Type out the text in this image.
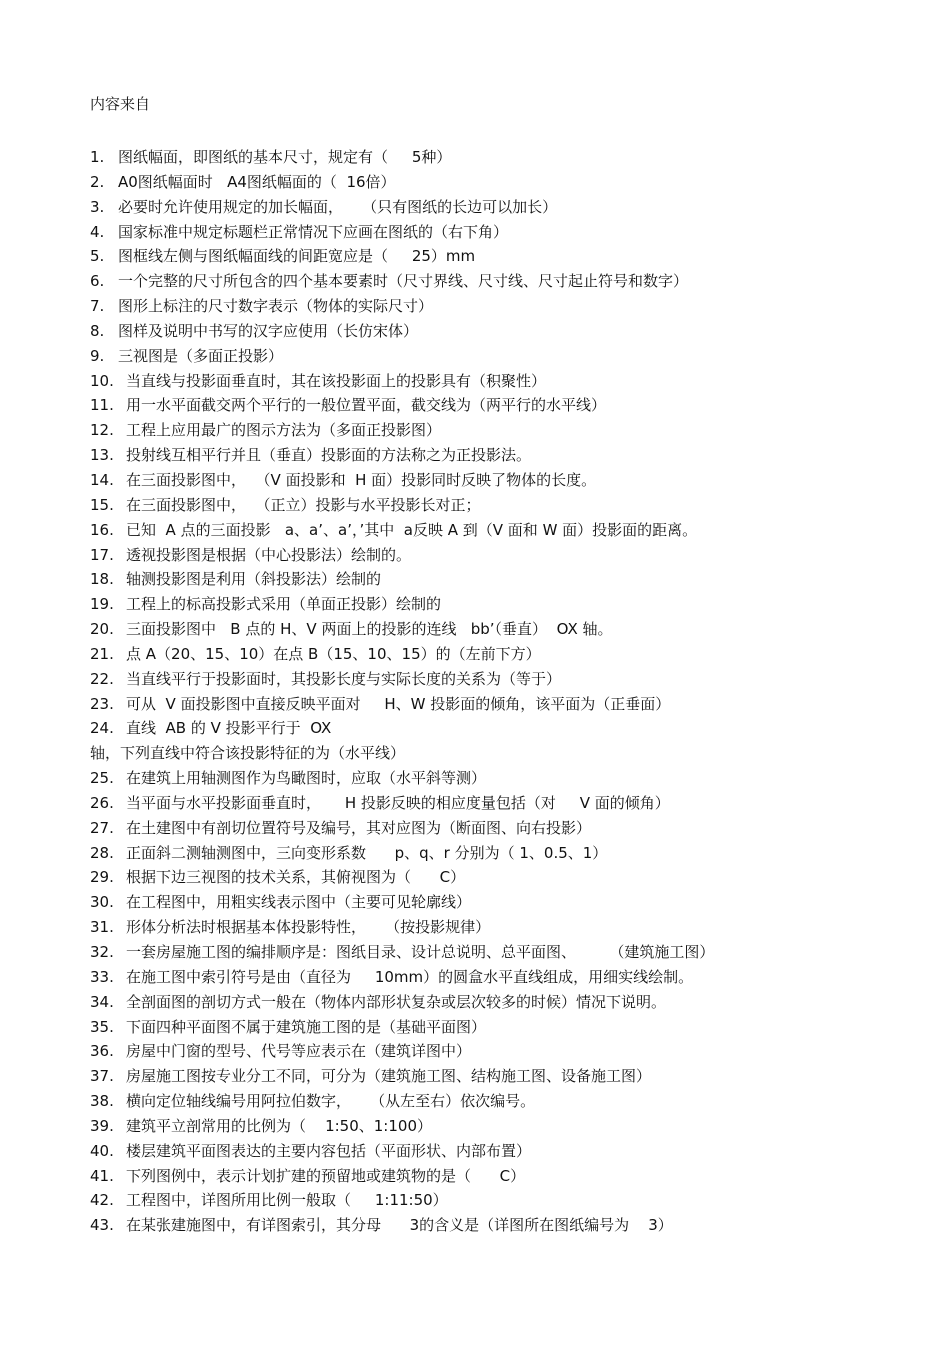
内容来自
1. 图纸幅面，即图纸的基本尺寸，规定有（     5种）
2. A0图纸幅面时   A4图纸幅面的（  16倍）
3. 必要时允许使用规定的加长幅面，    （只有图纸的长边可以加长）
4. 国家标准中规定标题栏正常情况下应画在图纸的（右下角）
5. 图框线左侧与图纸幅面线的间距宽应是（     25）mm
6. 一个完整的尺寸所包含的四个基本要素时（尺寸界线、尺寸线、尺寸起止符号和数字）
7. 图形上标注的尺寸数字表示（物体的实际尺寸）
8. 图样及说明中书写的汉字应使用（长仿宋体）
9. 三视图是（多面正投影）
10. 当直线与投影面垂直时，其在该投影面上的投影具有（积聚性）
11. 用一水平面截交两个平行的一般位置平面，截交线为（两平行的水平线）
12. 工程上应用最广的图示方法为（多面正投影图）
13. 投射线互相平行并且（垂直）投影面的方法称之为正投影法。
14. 在三面投影图中，  （V 面投影和  H 面）投影同时反映了物体的长度。
15. 在三面投影图中，  （正立）投影与水平投影长对正；
16. 已知  A 点的三面投影   a、a’、a’，’其中  a反映 A 到（V 面和 W 面）投影面的距离。
17. 透视投影图是根据（中心投影法）绘制的。
18. 轴测投影图是利用（斜投影法）绘制的
19. 工程上的标高投影式采用（单面正投影）绘制的
20. 三面投影图中   B 点的 H、V 两面上的投影的连线   bb’（垂直）  OX 轴。
21. 点 A（20、15、10）在点 B（15、10、15）的（左前下方）
22. 当直线平行于投影面时，其投影长度与实际长度的关系为（等于）
23. 可从  V 面投影图中直接反映平面对     H、W 投影面的倾角，该平面为（正垂面）
24. 直线  AB 的 V 投影平行于  OX
轴，下列直线中符合该投影特征的为（水平线）
25. 在建筑上用轴测图作为鸟瞰图时，应取（水平斜等测）
26. 当平面与水平投影面垂直时，     H 投影反映的相应度量包括（对     V 面的倾角）
27. 在土建图中有剖切位置符号及编号，其对应图为（断面图、向右投影）
28. 正面斜二测轴测图中，三向变形系数      p、q、r 分别为（ 1、0.5、1）
29. 根据下边三视图的技术关系，其俯视图为（      C）
30. 在工程图中，用粗实线表示图中（主要可见轮廓线）
31. 形体分析法时根据基本体投影特性，    （按投影规律）
32. 一套房屋施工图的编排顺序是：图纸目录、设计总说明、总平面图、       （建筑施工图）
33. 在施工图中索引符号是由（直径为     10mm）的圆盒水平直线组成，用细实线绘制。
34. 全剖面图的剖切方式一般在（物体内部形状复杂或层次较多的时候）情况下说明。
35. 下面四种平面图不属于建筑施工图的是（基础平面图）
36. 房屋中门窗的型号、代号等应表示在（建筑详图中）
37. 房屋施工图按专业分工不同，可分为（建筑施工图、结构施工图、设备施工图）
38. 横向定位轴线编号用阿拉伯数字，    （从左至右）依次编号。
39. 建筑平立剖常用的比例为（    1:50、1:100）
40. 楼层建筑平面图表达的主要内容包括（平面形状、内部布置）
41. 下列图例中，表示计划扩建的预留地或建筑物的是（      C）
42. 工程图中，详图所用比例一般取（     1:11:50）
43. 在某张建施图中，有详图索引，其分母      3的含义是（详图所在图纸编号为    3）
